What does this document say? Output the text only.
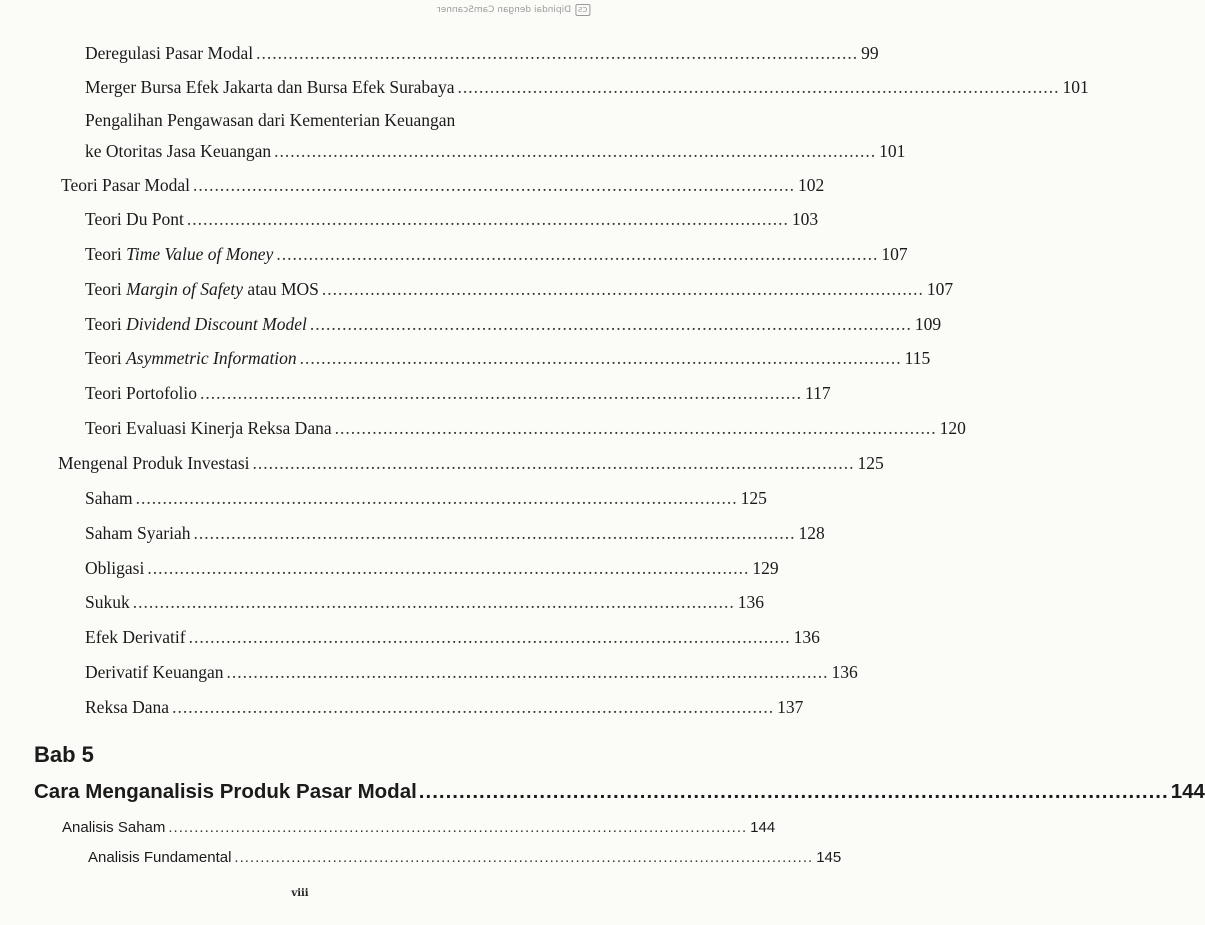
CS
Dipindai dengan CamScanner
Deregulasi Pasar Modal ................................................................................................................ 99
Merger Bursa Efek Jakarta dan Bursa Efek Surabaya ................................................................................................................ 101
Pengalihan Pengawasan dari Kementerian Keuangan
ke Otoritas Jasa Keuangan ................................................................................................................ 101
Teori Pasar Modal ................................................................................................................ 102
Teori Du Pont ................................................................................................................ 103
Teori Time Value of Money ................................................................................................................ 107
Teori Margin of Safety atau MOS ................................................................................................................ 107
Teori Dividend Discount Model ................................................................................................................ 109
Teori Asymmetric Information ................................................................................................................ 115
Teori Portofolio ................................................................................................................ 117
Teori Evaluasi Kinerja Reksa Dana ................................................................................................................ 120
Mengenal Produk Investasi ................................................................................................................ 125
Saham ................................................................................................................ 125
Saham Syariah ................................................................................................................ 128
Obligasi ................................................................................................................ 129
Sukuk ................................................................................................................ 136
Efek Derivatif ................................................................................................................ 136
Derivatif Keuangan ................................................................................................................ 136
Reksa Dana ................................................................................................................ 137
Bab 5
Cara Menganalisis Produk Pasar Modal ................................................................................................................ 144
Analisis Saham ................................................................................................................ 144
Analisis Fundamental ................................................................................................................ 145
viii
